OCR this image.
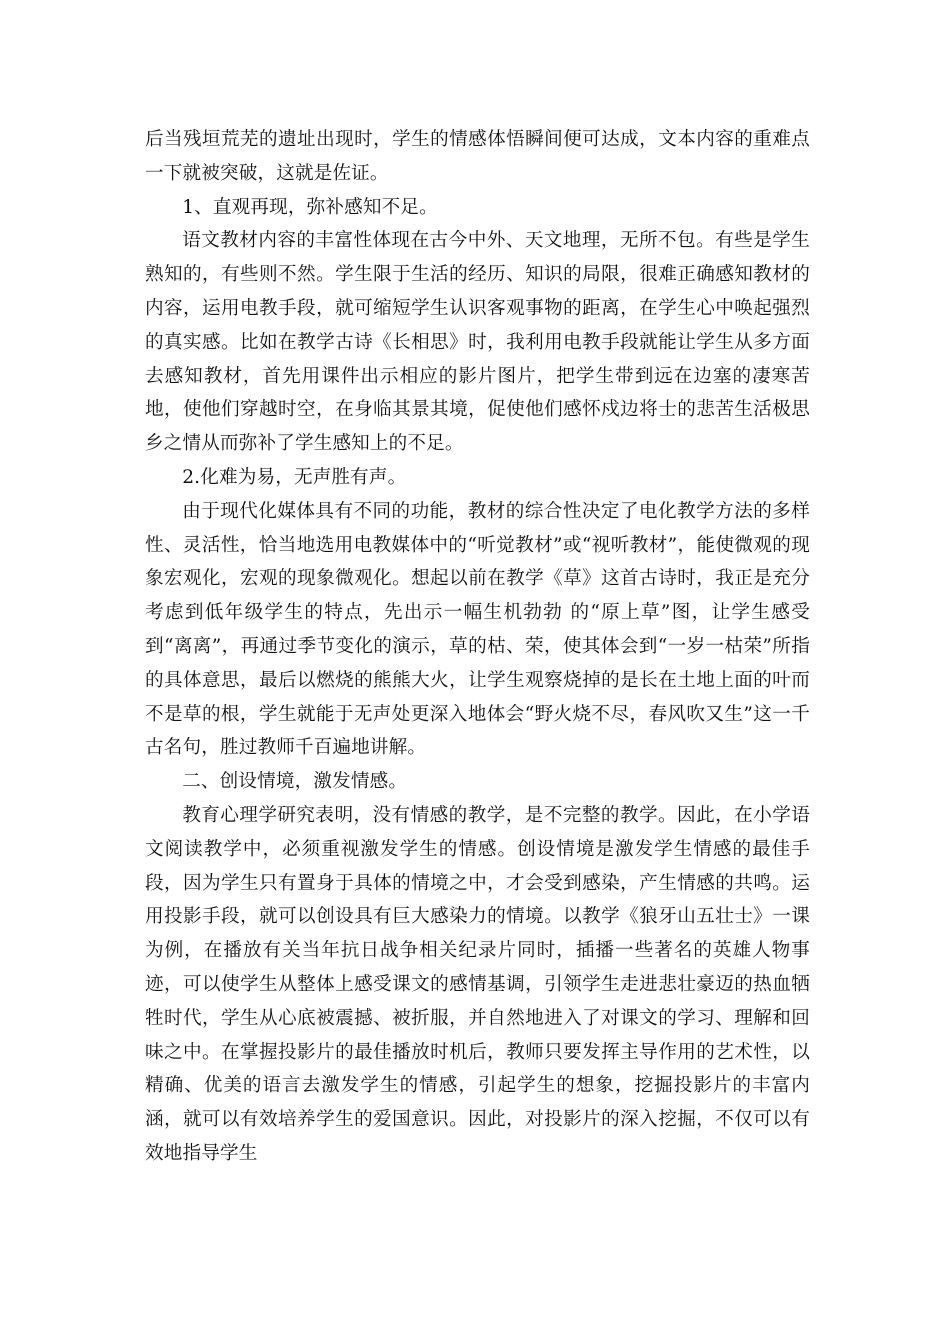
后当残垣荒芜的遗址出现时，学生的情感体悟瞬间便可达成，文本内容的重难点一下就被突破，这就是佐证。

1、直观再现，弥补感知不足。

语文教材内容的丰富性体现在古今中外、天文地理，无所不包。有些是学生熟知的，有些则不然。学生限于生活的经历、知识的局限，很难正确感知教材的内容，运用电教手段，就可缩短学生认识客观事物的距离，在学生心中唤起强烈的真实感。比如在教学古诗《长相思》时，我利用电教手段就能让学生从多方面去感知教材，首先用课件出示相应的影片图片，把学生带到远在边塞的凄寒苦地，使他们穿越时空，在身临其景其境，促使他们感怀戍边将士的悲苦生活极思乡之情从而弥补了学生感知上的不足。

2.化难为易，无声胜有声。

由于现代化媒体具有不同的功能，教材的综合性决定了电化教学方法的多样性、灵活性，恰当地选用电教媒体中的“听觉教材”或“视听教材”，能使微观的现象宏观化，宏观的现象微观化。想起以前在教学《草》这首古诗时，我正是充分考虑到低年级学生的特点，先出示一幅生机勃勃 的“原上草”图，让学生感受到“离离”，再通过季节变化的演示，草的枯、荣，使其体会到“一岁一枯荣”所指的具体意思，最后以燃烧的熊熊大火，让学生观察烧掉的是长在土地上面的叶而不是草的根，学生就能于无声处更深入地体会“野火烧不尽，春风吹又生”这一千古名句，胜过教师千百遍地讲解。

二、创设情境，激发情感。

教育心理学研究表明，没有情感的教学，是不完整的教学。因此，在小学语文阅读教学中，必须重视激发学生的情感。创设情境是激发学生情感的最佳手段，因为学生只有置身于具体的情境之中，才会受到感染，产生情感的共鸣。运用投影手段，就可以创设具有巨大感染力的情境。以教学《狼牙山五壮士》一课为例，在播放有关当年抗日战争相关纪录片同时，插播一些著名的英雄人物事迹，可以使学生从整体上感受课文的感情基调，引领学生走进悲壮豪迈的热血牺牲时代，学生从心底被震撼、被折服，并自然地进入了对课文的学习、理解和回味之中。在掌握投影片的最佳播放时机后，教师只要发挥主导作用的艺术性，以精确、优美的语言去激发学生的情感，引起学生的想象，挖掘投影片的丰富内涵，就可以有效培养学生的爱国意识。因此，对投影片的深入挖掘，不仅可以有效地指导学生
